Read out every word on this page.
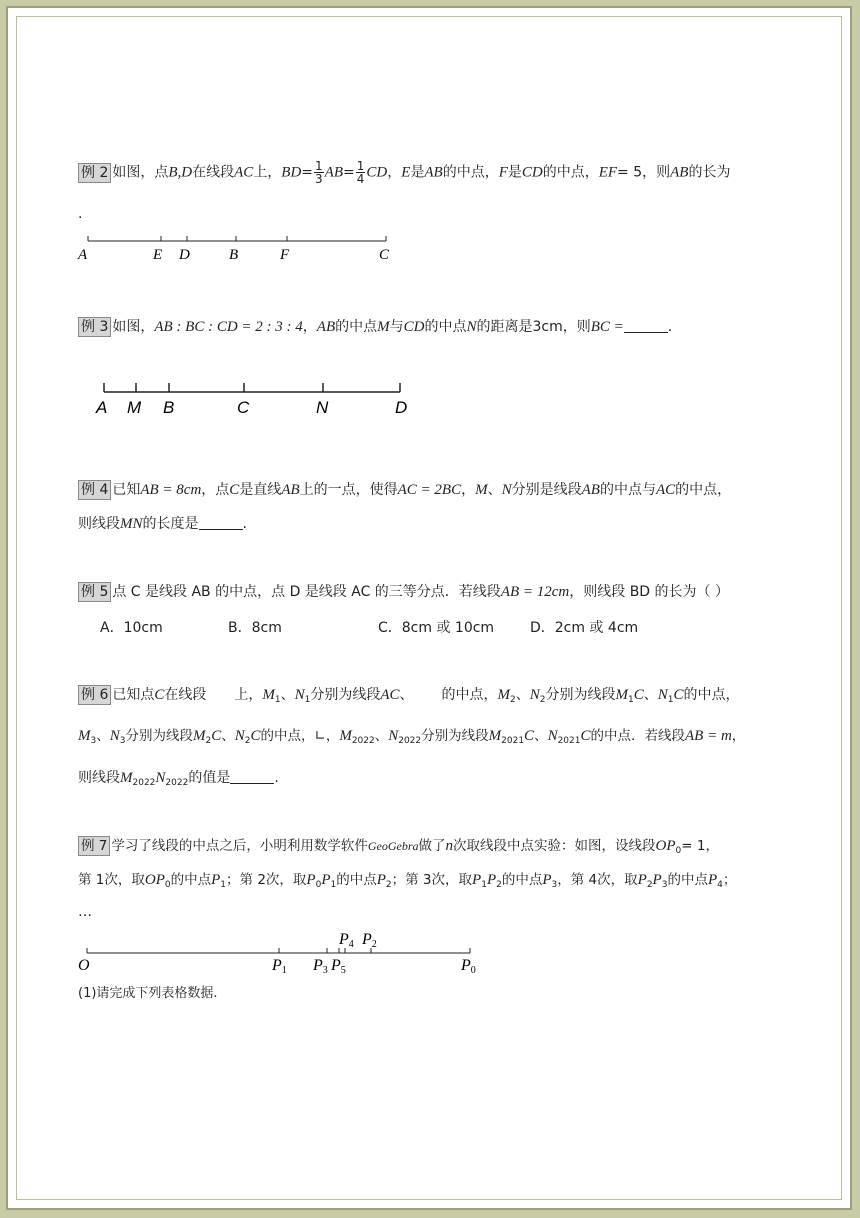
例 2 如图，点B,D在线段AC上，$BD= \frac{1}{3} AB= \frac{1}{4}$ CD，E是AB的中点，F是CD的中点，EF= 5，则AB的长为
.
A	E D	B	F	C
A M B	C	N	D
O	P1 P3 P5
P4 P2
P0
例 3 如图，AB : BC : CD = 2 : 3 : 4，AB的中点M与CD的中点N的距离是3cm，则BC =	.
例 4 已知AB = 8cm，点C是直线AB上的一点，使得AC = 2BC，M、N分别是线段AB的中点与AC的中点，
则线段MN的长度是	.
例 5 点 C 是线段 AB 的中点，点 D 是线段 AC 的三等分点．若线段AB = 12cm，则线段 BD 的长为（ ）
A．10cm	B．8cm	C．8cm 或 10cm	D．2cm 或 4cm
例 6 已知点C在线段 上，$M_1$、$N_1$分别为线段AC、 的中点，$M_2$、$N_2$分别为线段$M_1C$、$N_1C$的中点，
$M_3$、$N_3$分别为线段$M_2C$、$N_2C$的中点，∟，$M_{2022}$、$N_{2022}$分别为线段$M_{2021}C$、$N_{2021}C$的中点．若线段AB = m，
则线段$M_{2022}N_{2022}$的值是	.
例 7 学习了线段的中点之后，小明利用数学软件GeoGebra做了n次取线段中点实验：如图，设线段$OP_0= 1$，
第 1次，取$OP_0$的中点$P_1$；第 2次，取$P_0P_1$的中点$P_2$；第 3次，取$P_1P_2$的中点$P_3$，第 4次，取$P_2P_3$的中点$P_4$；
…
(1)请完成下列表格数据.
